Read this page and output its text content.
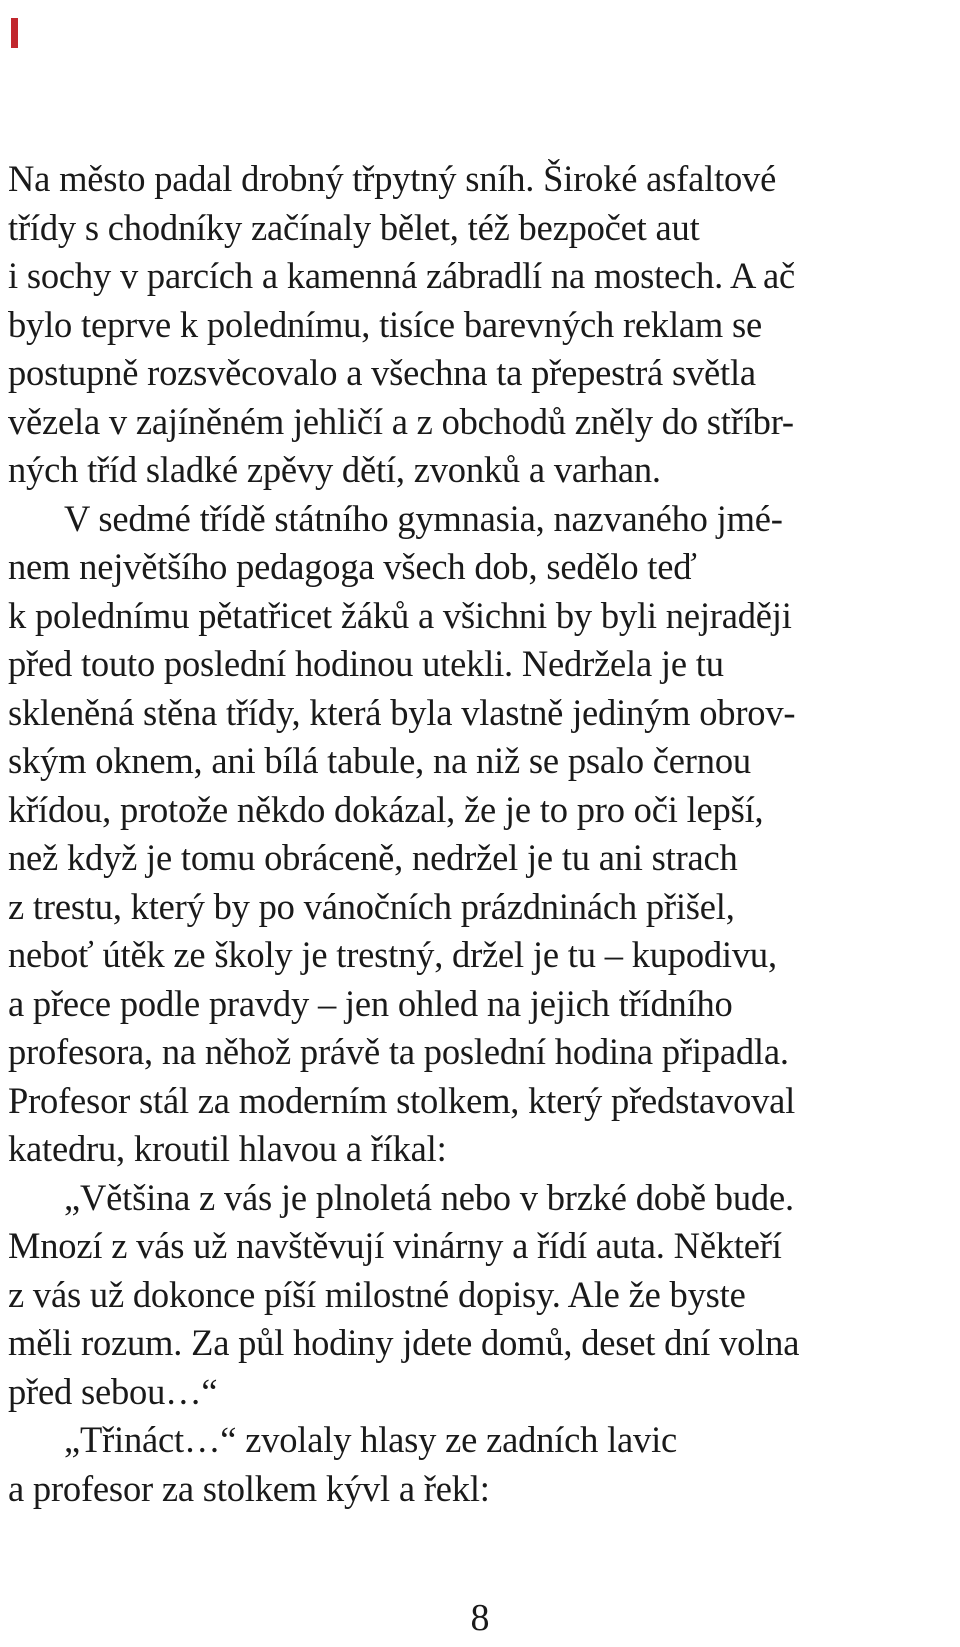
Na město padal drobný třpytný sníh. Široké asfaltové
třídy s chodníky začínaly bělet, též bezpočet aut
i sochy v parcích a kamenná zábradlí na mostech. A ač
bylo teprve k polednímu, tisíce barevných reklam se
postupně rozsvěcovalo a všechna ta přepestrá světla
vězela v zajíněném jehličí a z obchodů zněly do stříbr-
ných tříd sladké zpěvy dětí, zvonků a varhan.
V sedmé třídě státního gymnasia, nazvaného jmé-
nem největšího pedagoga všech dob, sedělo teď
k polednímu pětatřicet žáků a všichni by byli nejraději
před touto poslední hodinou utekli. Nedržela je tu
skleněná stěna třídy, která byla vlastně jediným obrov-
ským oknem, ani bílá tabule, na niž se psalo černou
křídou, protože někdo dokázal, že je to pro oči lepší,
než když je tomu obráceně, nedržel je tu ani strach
z trestu, který by po vánočních prázdninách přišel,
neboť útěk ze školy je trestný, držel je tu – kupodivu,
a přece podle pravdy – jen ohled na jejich třídního
profesora, na něhož právě ta poslední hodina připadla.
Profesor stál za moderním stolkem, který představoval
katedru, kroutil hlavou a říkal:
„Většina z vás je plnoletá nebo v brzké době bude.
Mnozí z vás už navštěvují vinárny a řídí auta. Někteří
z vás už dokonce píší milostné dopisy. Ale že byste
měli rozum. Za půl hodiny jdete domů, deset dní volna
před sebou…“
„Třináct…“ zvolaly hlasy ze zadních lavic
a profesor za stolkem kývl a řekl:
8
